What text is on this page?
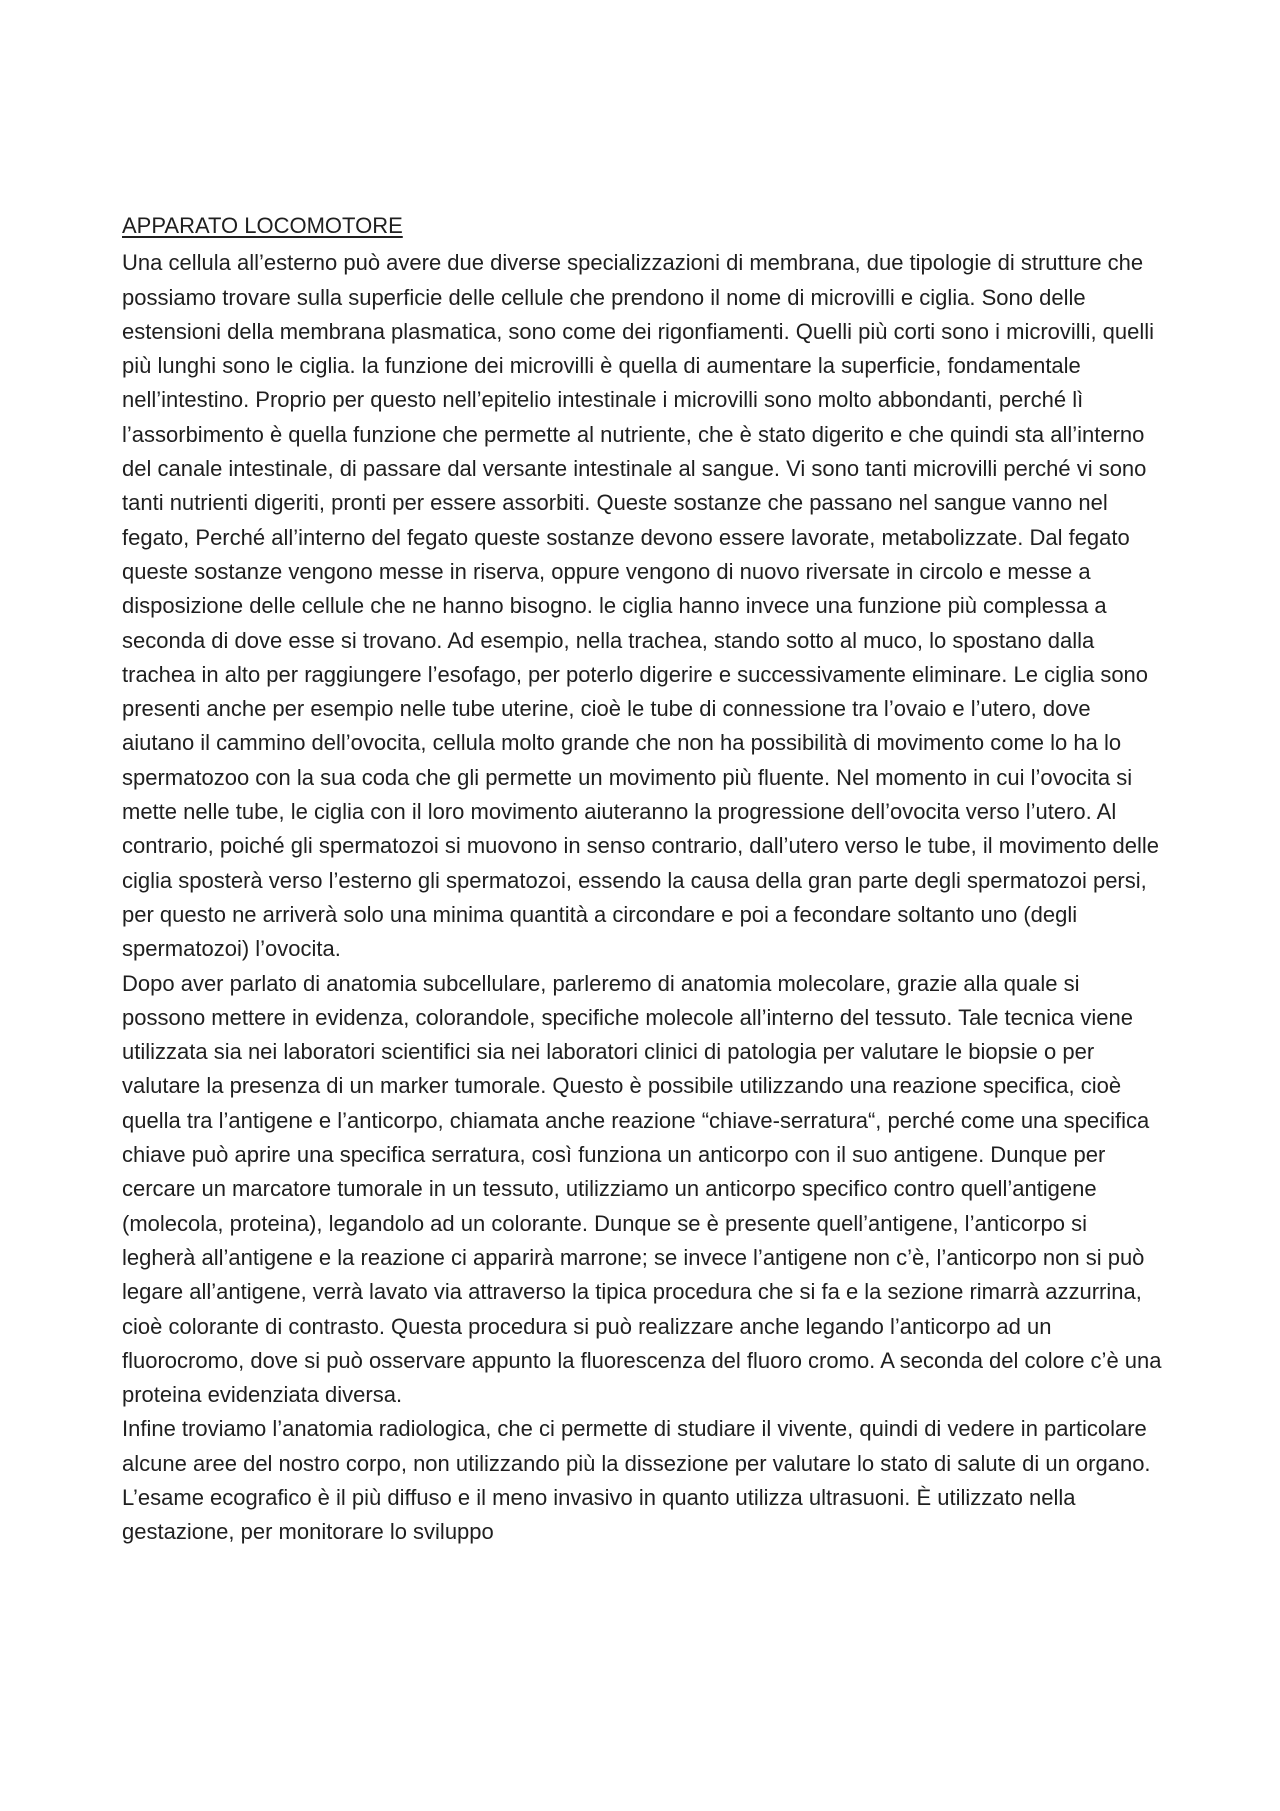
APPARATO LOCOMOTORE

Una cellula all’esterno può avere due diverse specializzazioni di membrana, due tipologie di strutture che possiamo trovare sulla superficie delle cellule che prendono il nome di microvilli e ciglia. Sono delle estensioni della membrana plasmatica, sono come dei rigonfiamenti. Quelli più corti sono i microvilli, quelli più lunghi sono le ciglia. la funzione dei microvilli è quella di aumentare la superficie, fondamentale nell’intestino. Proprio per questo nell’epitelio intestinale i microvilli sono molto abbondanti, perché lì l’assorbimento è quella funzione che permette al nutriente, che è stato digerito e che quindi sta all’interno del canale intestinale, di passare dal versante intestinale al sangue. Vi sono tanti microvilli perché vi sono tanti nutrienti digeriti, pronti per essere assorbiti. Queste sostanze che passano nel sangue vanno nel fegato, Perché all’interno del fegato queste sostanze devono essere lavorate, metabolizzate. Dal fegato queste sostanze vengono messe in riserva, oppure vengono di nuovo riversate in circolo e messe a disposizione delle cellule che ne hanno bisogno. le ciglia hanno invece una funzione più complessa a seconda di dove esse si trovano. Ad esempio, nella trachea, stando sotto al muco, lo spostano dalla trachea in alto per raggiungere l’esofago, per poterlo digerire e successivamente eliminare. Le ciglia sono presenti anche per esempio nelle tube uterine, cioè le tube di connessione tra l’ovaio e l’utero, dove aiutano il cammino dell’ovocita, cellula molto grande che non ha possibilità di movimento come lo ha lo spermatozoo con la sua coda che gli permette un movimento più fluente. Nel momento in cui l’ovocita si mette nelle tube, le ciglia con il loro movimento aiuteranno la progressione dell’ovocita verso l’utero. Al contrario, poiché gli spermatozoi si muovono in senso contrario, dall’utero verso le tube, il movimento delle ciglia sposterà verso l’esterno gli spermatozoi, essendo la causa della gran parte degli spermatozoi persi, per questo ne arriverà solo una minima quantità a circondare e poi a fecondare soltanto uno (degli spermatozoi) l’ovocita.

Dopo aver parlato di anatomia subcellulare, parleremo di anatomia molecolare, grazie alla quale si possono mettere in evidenza, colorandole, specifiche molecole all’interno del tessuto. Tale tecnica viene utilizzata sia nei laboratori scientifici sia nei laboratori clinici di patologia per valutare le biopsie o per valutare la presenza di un marker tumorale. Questo è possibile utilizzando una reazione specifica, cioè quella tra l’antigene e l’anticorpo, chiamata anche reazione “chiave-serratura“, perché come una specifica chiave può aprire una specifica serratura, così funziona un anticorpo con il suo antigene. Dunque per cercare un marcatore tumorale in un tessuto, utilizziamo un anticorpo specifico contro quell’antigene (molecola, proteina), legandolo ad un colorante. Dunque se è presente quell’antigene, l’anticorpo si legherà all’antigene e la reazione ci apparirà marrone; se invece l’antigene non c’è, l’anticorpo non si può legare all’antigene, verrà lavato via attraverso la tipica procedura che si fa e la sezione rimarrà azzurrina, cioè colorante di contrasto. Questa procedura si può realizzare anche legando l’anticorpo ad un fluorocromo, dove si può osservare appunto la fluorescenza del fluoro cromo. A seconda del colore c’è una proteina evidenziata diversa.

Infine troviamo l’anatomia radiologica, che ci permette di studiare il vivente, quindi di vedere in particolare alcune aree del nostro corpo, non utilizzando più la dissezione per valutare lo stato di salute di un organo. L’esame ecografico è il più diffuso e il meno invasivo in quanto utilizza ultrasuoni. È utilizzato nella gestazione, per monitorare lo sviluppo
